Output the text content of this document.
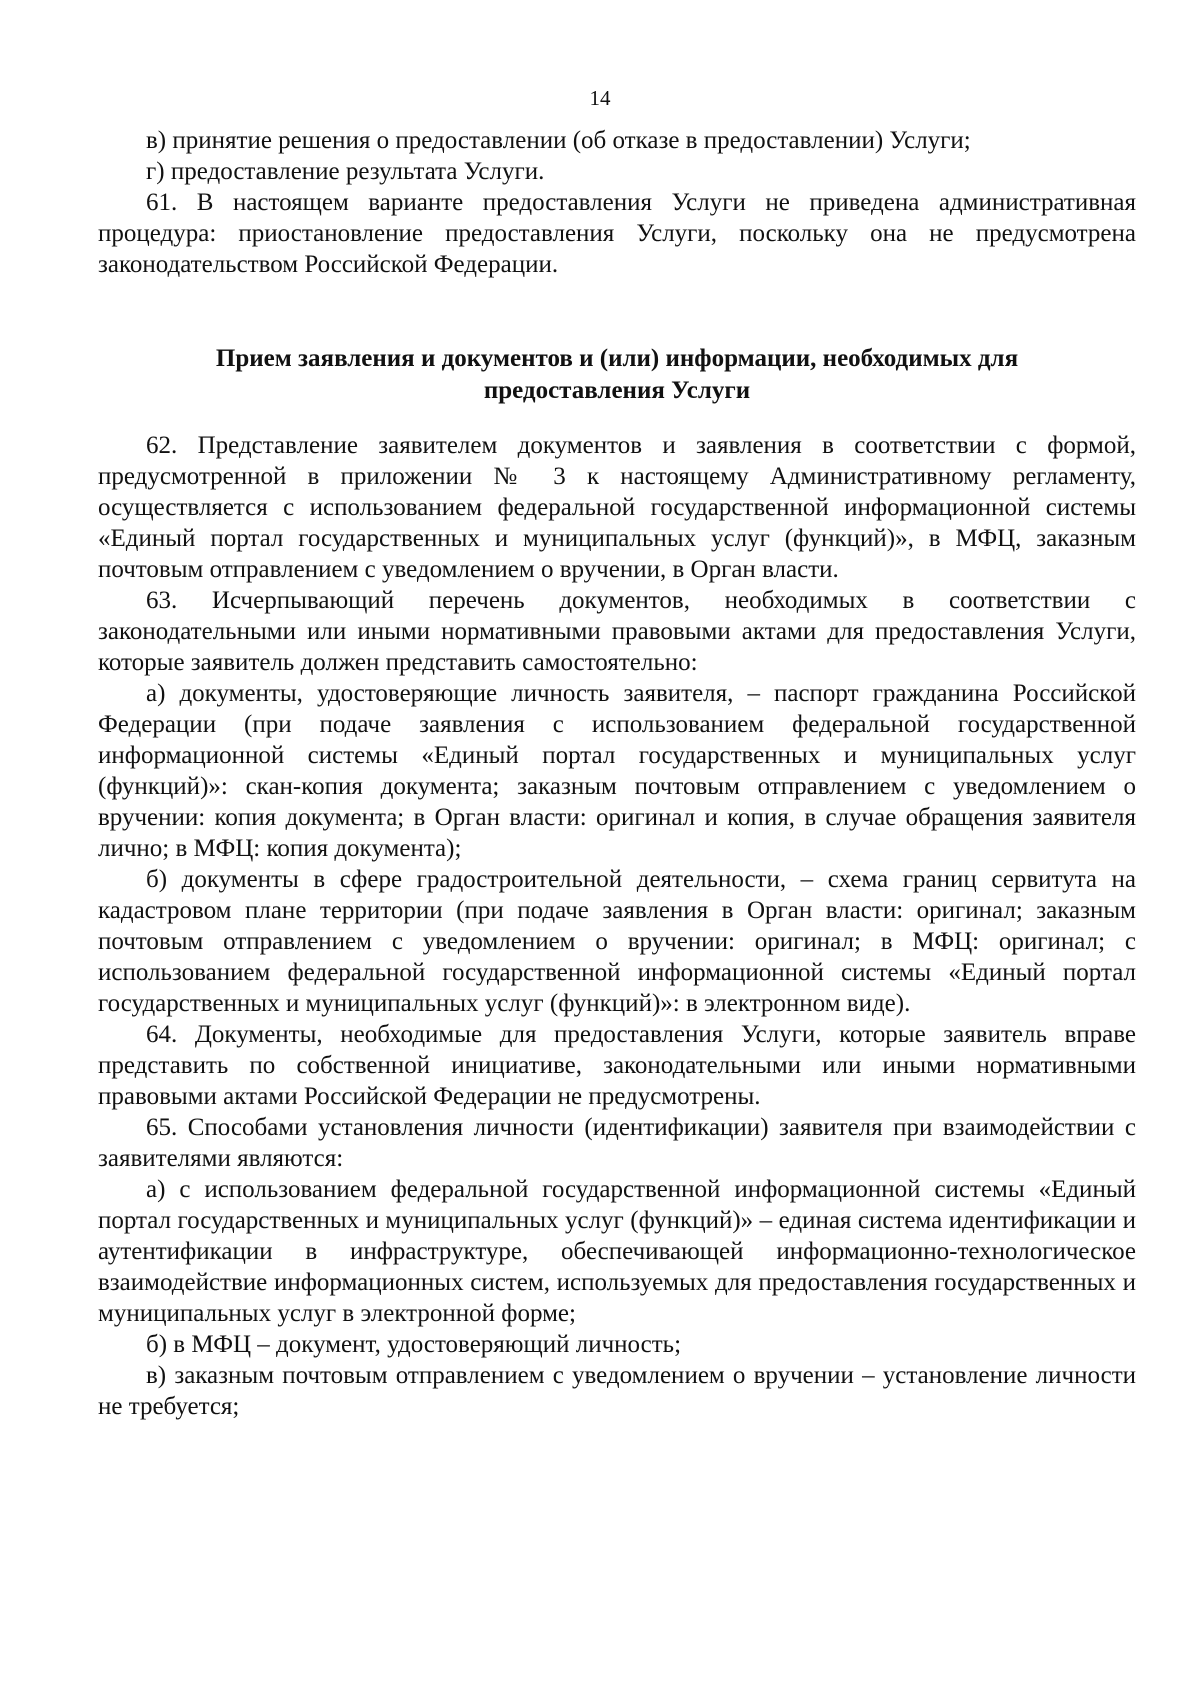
14

в) принятие решения о предоставлении (об отказе в предоставлении) Услуги;

г) предоставление результата Услуги.

61. В настоящем варианте предоставления Услуги не приведена административная процедура: приостановление предоставления Услуги, поскольку она не предусмотрена законодательством Российской Федерации.

Прием заявления и документов и (или) информации, необходимых для
предоставления Услуги

62. Представление заявителем документов и заявления в соответствии с формой, предусмотренной в приложении № 3 к настоящему Административному регламенту, осуществляется с использованием федеральной государственной информационной системы «Единый портал государственных и муниципальных услуг (функций)», в МФЦ, заказным почтовым отправлением с уведомлением о вручении, в Орган власти.

63. Исчерпывающий перечень документов, необходимых в соответствии с законодательными или иными нормативными правовыми актами для предоставления Услуги, которые заявитель должен представить самостоятельно:

а) документы, удостоверяющие личность заявителя, – паспорт гражданина Российской Федерации (при подаче заявления с использованием федеральной государственной информационной системы «Единый портал государственных и муниципальных услуг (функций)»: скан-копия документа; заказным почтовым отправлением с уведомлением о вручении: копия документа; в Орган власти: оригинал и копия, в случае обращения заявителя лично; в МФЦ: копия документа);

б) документы в сфере градостроительной деятельности, – схема границ сервитута на кадастровом плане территории (при подаче заявления в Орган власти: оригинал; заказным почтовым отправлением с уведомлением о вручении: оригинал; в МФЦ: оригинал; с использованием федеральной государственной информационной системы «Единый портал государственных и муниципальных услуг (функций)»: в электронном виде).

64. Документы, необходимые для предоставления Услуги, которые заявитель вправе представить по собственной инициативе, законодательными или иными нормативными правовыми актами Российской Федерации не предусмотрены.

65. Способами установления личности (идентификации) заявителя при взаимодействии с заявителями являются:

а) с использованием федеральной государственной информационной системы «Единый портал государственных и муниципальных услуг (функций)» – единая система идентификации и аутентификации в инфраструктуре, обеспечивающей информационно-технологическое взаимодействие информационных систем, используемых для предоставления государственных и муниципальных услуг в электронной форме;

б) в МФЦ – документ, удостоверяющий личность;

в) заказным почтовым отправлением с уведомлением о вручении – установление личности не требуется;
